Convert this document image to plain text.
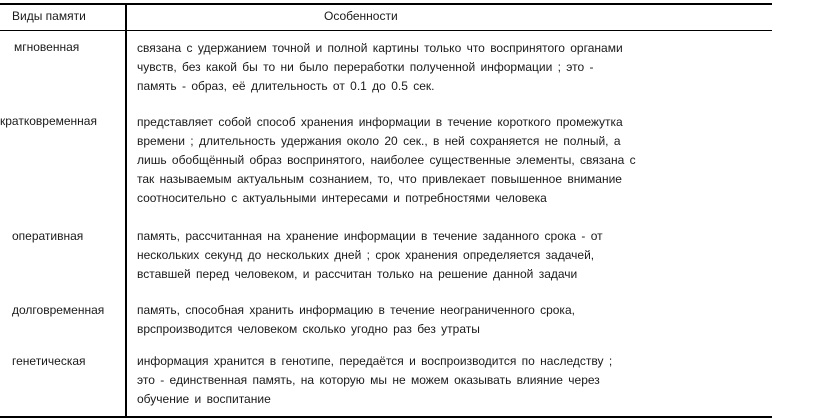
Виды памяти	Особенности
мгновенная	связана с удержанием точной и полной картины только что воспринятого органами
чувств, без какой бы то ни было переработки полученной информации ; это -
память - образ, её длительность от 0.1 до 0.5 сек.
кратковременная	представляет собой способ хранения информации в течение короткого промежутка
времени ; длительность удержания около 20 сек., в ней сохраняется не полный, а
лишь обобщённый образ воспринятого, наиболее существенные элементы, связана с
так называемым актуальным сознанием, то, что привлекает повышенное внимание
соотносительно с актуальными интересами и потребностями человека
оперативная	память, рассчитанная на хранение информации в течение заданного срока - от
нескольких секунд до нескольких дней ; срок хранения определяется задачей,
вставшей перед человеком, и рассчитан только на решение данной задачи
долговременная	память, способная хранить информацию в течение неограниченного срока,
врспроизводится человеком сколько угодно раз без утраты
генетическая	информация хранится в генотипе, передаётся и воспроизводится по наследству ;
это - единственная память, на которую мы не можем оказывать влияние через
обучение и воспитание
